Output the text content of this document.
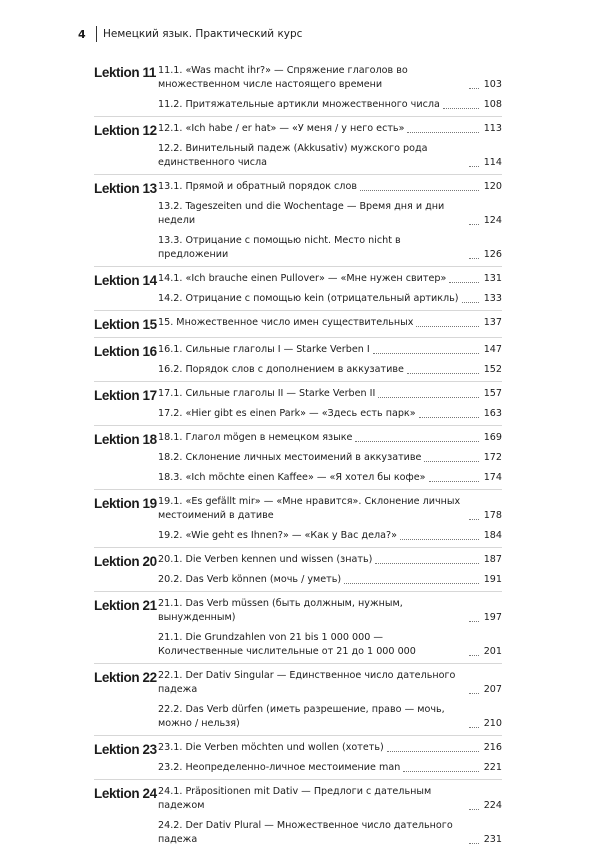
4	Немецкий язык. Практический курс
Lektion 11 11.1. «Was macht ihr?» — Спряжение глаголов во множественном числе настоящего времени	103
11.2. Притяжательные артикли множественного числа	108
Lektion 12 12.1. «Ich habe / er hat» — «У меня / у него есть»	113
12.2. Винительный падеж (Akkusativ) мужского рода единственного числа	114
Lektion 13 13.1. Прямой и обратный порядок слов	120
13.2. Tageszeiten und die Wochentage — Время дня и дни недели	124
13.3. Отрицание с помощью nicht. Место nicht в предложении	126
Lektion 14 14.1. «Ich brauche einen Pullover» — «Мне нужен свитер»	131
14.2. Отрицание с помощью kein (отрицательный артикль)	133
Lektion 15 15. Множественное число имен существительных	137
Lektion 16 16.1. Сильные глаголы I — Starke Verben I	147
16.2. Порядок слов с дополнением в аккузативе	152
Lektion 17 17.1. Сильные глаголы II — Starke Verben II	157
17.2. «Hier gibt es einen Park» — «Здесь есть парк»	163
Lektion 18 18.1. Глагол mögen в немецком языке	169
18.2. Склонение личных местоимений в аккузативе	172
18.3. «Ich möchte einen Kaffee» — «Я хотел бы кофе»	174
Lektion 19 19.1. «Es gefällt mir» — «Мне нравится». Склонение личных местоимений в дативе	178
19.2. «Wie geht es Ihnen?» — «Как у Вас дела?»	184
Lektion 20 20.1. Die Verben kennen und wissen (знать)	187
20.2. Das Verb können (мочь / уметь)	191
Lektion 21 21.1. Das Verb müssen (быть должным, нужным, вынужденным)	197
21.1. Die Grundzahlen von 21 bis 1 000 000 — Количественные числительные от 21 до 1 000 000	201
Lektion 22 22.1. Der Dativ Singular — Единственное число дательного падежа	207
22.2. Das Verb dürfen (иметь разрешение, право — мочь, можно / нельзя)	210
Lektion 23 23.1. Die Verben möchten und wollen (хотеть)	216
23.2. Неопределенно-личное местоимение man	221
Lektion 24 24.1. Präpositionen mit Dativ — Предлоги с дательным падежом	224
24.2. Der Dativ Plural — Множественное число дательного падежа	231
